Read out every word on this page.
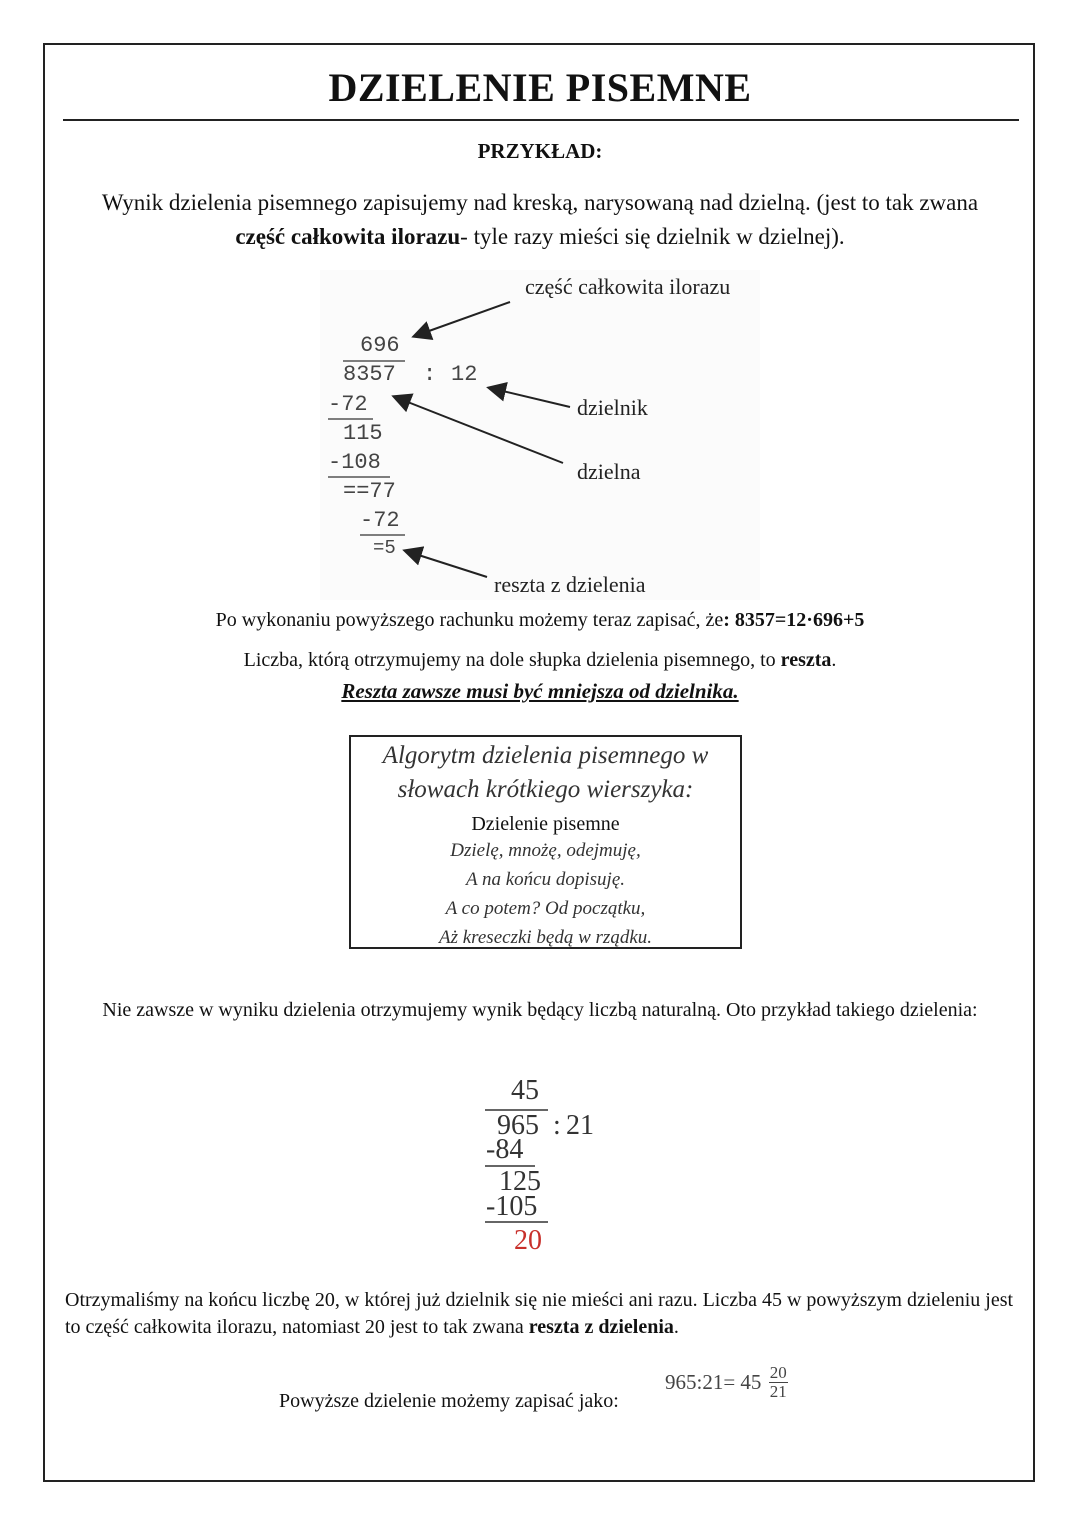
DZIELENIE PISEMNE
PRZYKŁAD:
Wynik dzielenia pisemnego zapisujemy nad kreską, narysowaną nad dzielną. (jest to tak zwana część całkowita ilorazu- tyle razy mieści się dzielnik w dzielnej).
696
8357 : 12
-72
115
-108
==77
-72
=5
część całkowita ilorazu
dzielnik
dzielna
reszta z dzielenia
Po wykonaniu powyższego rachunku możemy teraz zapisać, że: 8357=12·696+5
Liczba, którą otrzymujemy na dole słupka dzielenia pisemnego, to reszta.
Reszta zawsze musi być mniejsza od dzielnika.
Algorytm dzielenia pisemnego w
słowach krótkiego wierszyka:
Dzielenie pisemne
Dzielę, mnożę, odejmuję,
A na końcu dopisuję.
A co potem? Od początku,
Aż kreseczki będą w rządku.
Nie zawsze w wyniku dzielenia otrzymujemy wynik będący liczbą naturalną. Oto przykład takiego dzielenia:
45
965 : 21
-84
125
-105
20
Otrzymaliśmy na końcu liczbę 20, w której już dzielnik się nie mieści ani razu. Liczba 45 w powyższym dzieleniu jest to część całkowita ilorazu, natomiast 20 jest to tak zwana reszta z dzielenia.
Powyższe dzielenie możemy zapisać jako:
965:21= $45 \frac{20}{21}$
